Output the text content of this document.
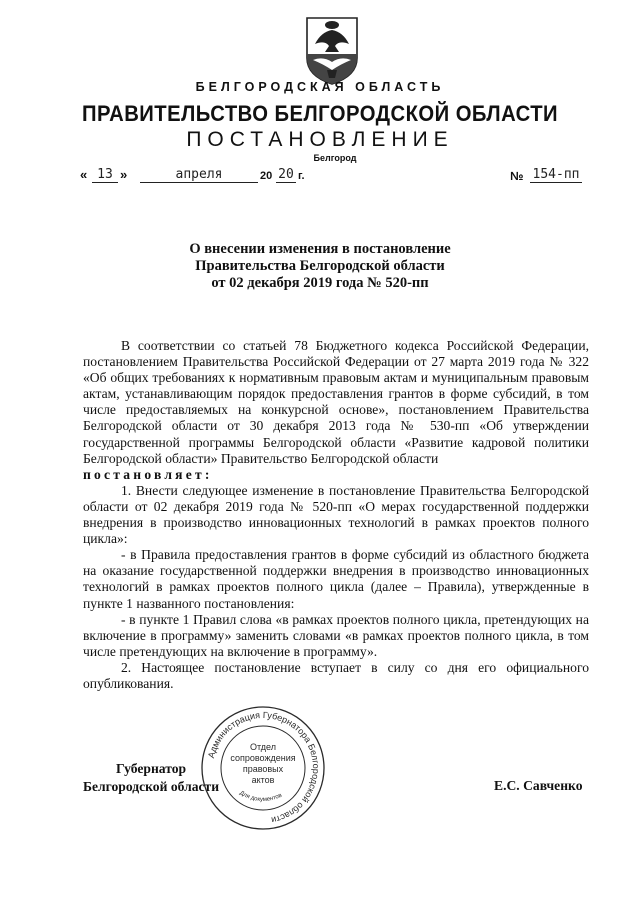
БЕЛГОРОДСКАЯ ОБЛАСТЬ
ПРАВИТЕЛЬСТВО БЕЛГОРОДСКОЙ ОБЛАСТИ
ПОСТАНОВЛЕНИЕ
Белгород
« 13 »	апреля	20 20 г.	№ 154-пп
О внесении изменения в постановление
Правительства Белгородской области
от 02 декабря 2019 года № 520-пп

В соответствии со статьей 78 Бюджетного кодекса Российской Федерации, постановлением Правительства Российской Федерации от 27 марта 2019 года № 322 «Об общих требованиях к нормативным правовым актам и муниципальным правовым актам, устанавливающим порядок предоставления грантов в форме субсидий, в том числе предоставляемых на конкурсной основе», постановлением Правительства Белгородской области от 30 декабря 2013 года № 530-пп «Об утверждении государственной программы Белгородской области «Развитие кадровой политики Белгородской области» Правительство Белгородской области

постановляет:

1. Внести следующее изменение в постановление Правительства Белгородской области от 02 декабря 2019 года № 520-пп «О мерах государственной поддержки внедрения в производство инновационных технологий в рамках проектов полного цикла»:

- в Правила предоставления грантов в форме субсидий из областного бюджета на оказание государственной поддержки внедрения в производство инновационных технологий в рамках проектов полного цикла (далее – Правила), утвержденные в пункте 1 названного постановления:

- в пункте 1 Правил слова «в рамках проектов полного цикла, претендующих на включение в программу» заменить словами «в рамках проектов полного цикла, в том числе претендующих на включение в программу».

2. Настоящее постановление вступает в силу со дня его официального опубликования.

Губернатор
Белгородской области	Е.С. Савченко
Администрация Губернатора Белгородской области
Для документов
Отдел
сопровождения
правовых
актов
